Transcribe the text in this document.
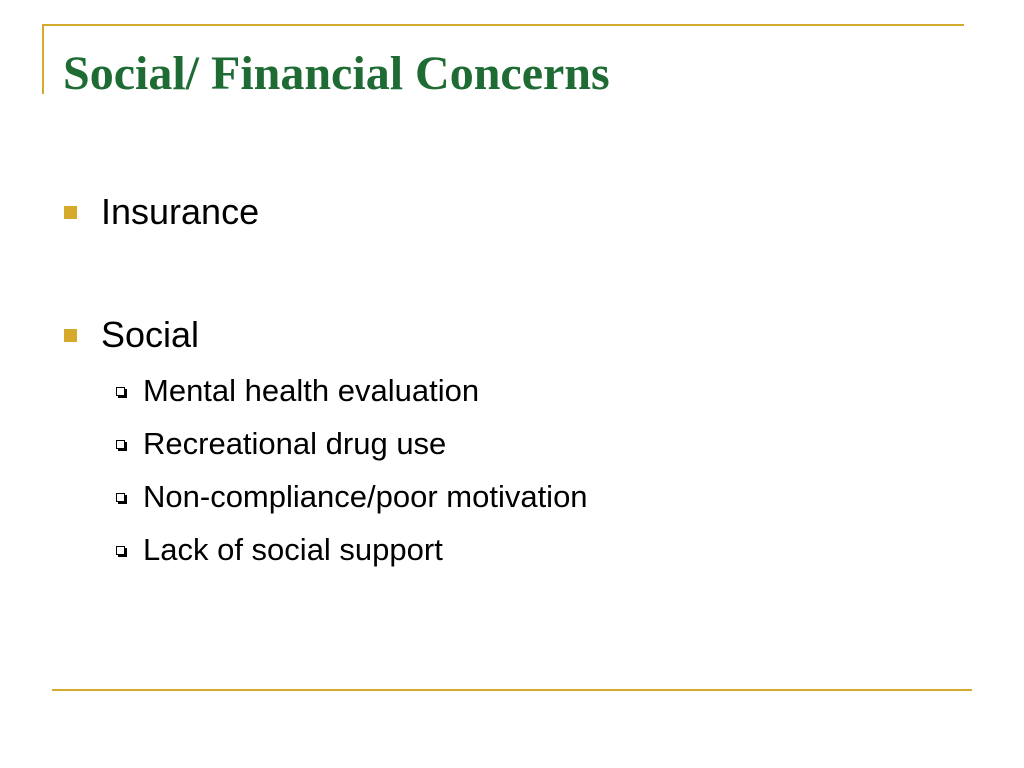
Social/ Financial Concerns
Insurance
Social
Mental health evaluation
Recreational drug use
Non-compliance/poor motivation
Lack of social support
